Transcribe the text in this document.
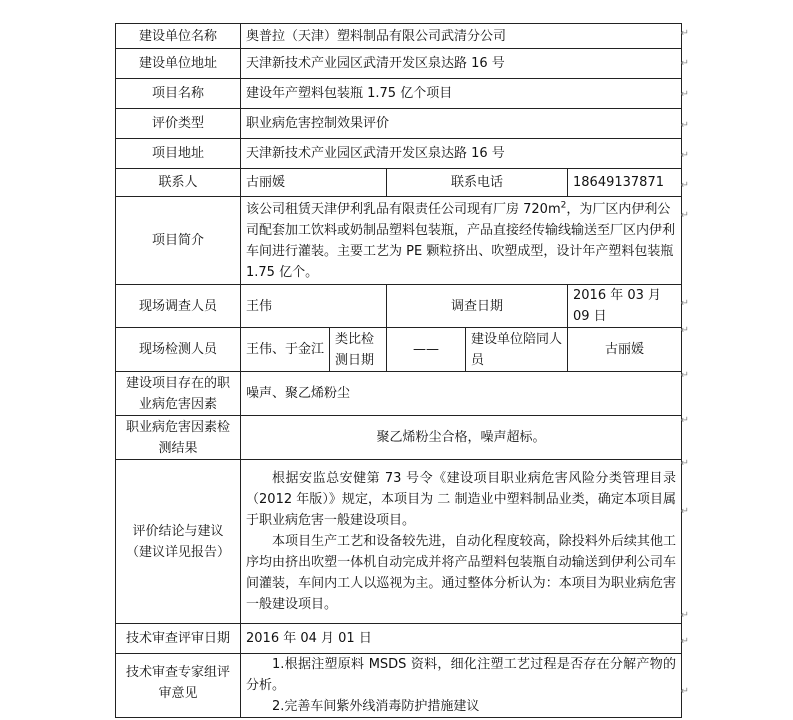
建设单位名称	奥普拉（天津）塑料制品有限公司武清分公司				
建设单位地址	天津新技术产业园区武清开发区泉达路 16 号				
项目名称	建设年产塑料包装瓶 1.75 亿个项目				
评价类型	职业病危害控制效果评价				
项目地址	天津新技术产业园区武清开发区泉达路 16 号				
联系人	古丽媛		联系电话		18649137871
项目简介	该公司租赁天津伊利乳品有限责任公司现有厂房 $720m^2$，为厂区内伊利公司配套加工饮料或奶制品塑料包装瓶，产品直接经传输线输送至厂区内伊利车间进行灌装。主要工艺为 PE 颗粒挤出、吹塑成型，设计年产塑料包装瓶 1.75 亿个。				
现场调查人员	王伟		调查日期		2016 年 03 月 09 日
现场检测人员	王伟、于金江	类比检测日期	——	建设单位陪同人员	古丽媛
建设项目存在的职业病危害因素	噪声、聚乙烯粉尘				
职业病危害因素检测结果	聚乙烯粉尘合格，噪声超标。				
评价结论与建议（建议详见报告）	根据安监总安健第 73 号令《建设项目职业病危害风险分类管理目录（2012 年版）》规定，本项目为 二 制造业中塑料制品业类，确定本项目属于职业病危害一般建设项目。
本项目生产工艺和设备较先进，自动化程度较高，除投料外后续其他工序均由挤出吹塑一体机自动完成并将产品塑料包装瓶自动输送到伊利公司车间灌装，车间内工人以巡视为主。通过整体分析认为：本项目为职业病危害一般建设项目。				

技术审查评审日期	2016 年 04 月 01 日				
技术审查专家组评审意见	1.根据注塑原料 MSDS 资料，细化注塑工艺过程是否存在分解产物的分析。
2.完善车间紫外线消毒防护措施建议				
↵
↵
↵
↵
↵
↵
↵
↵
↵
↵
↵
↵
↵
↵
↵
↵
